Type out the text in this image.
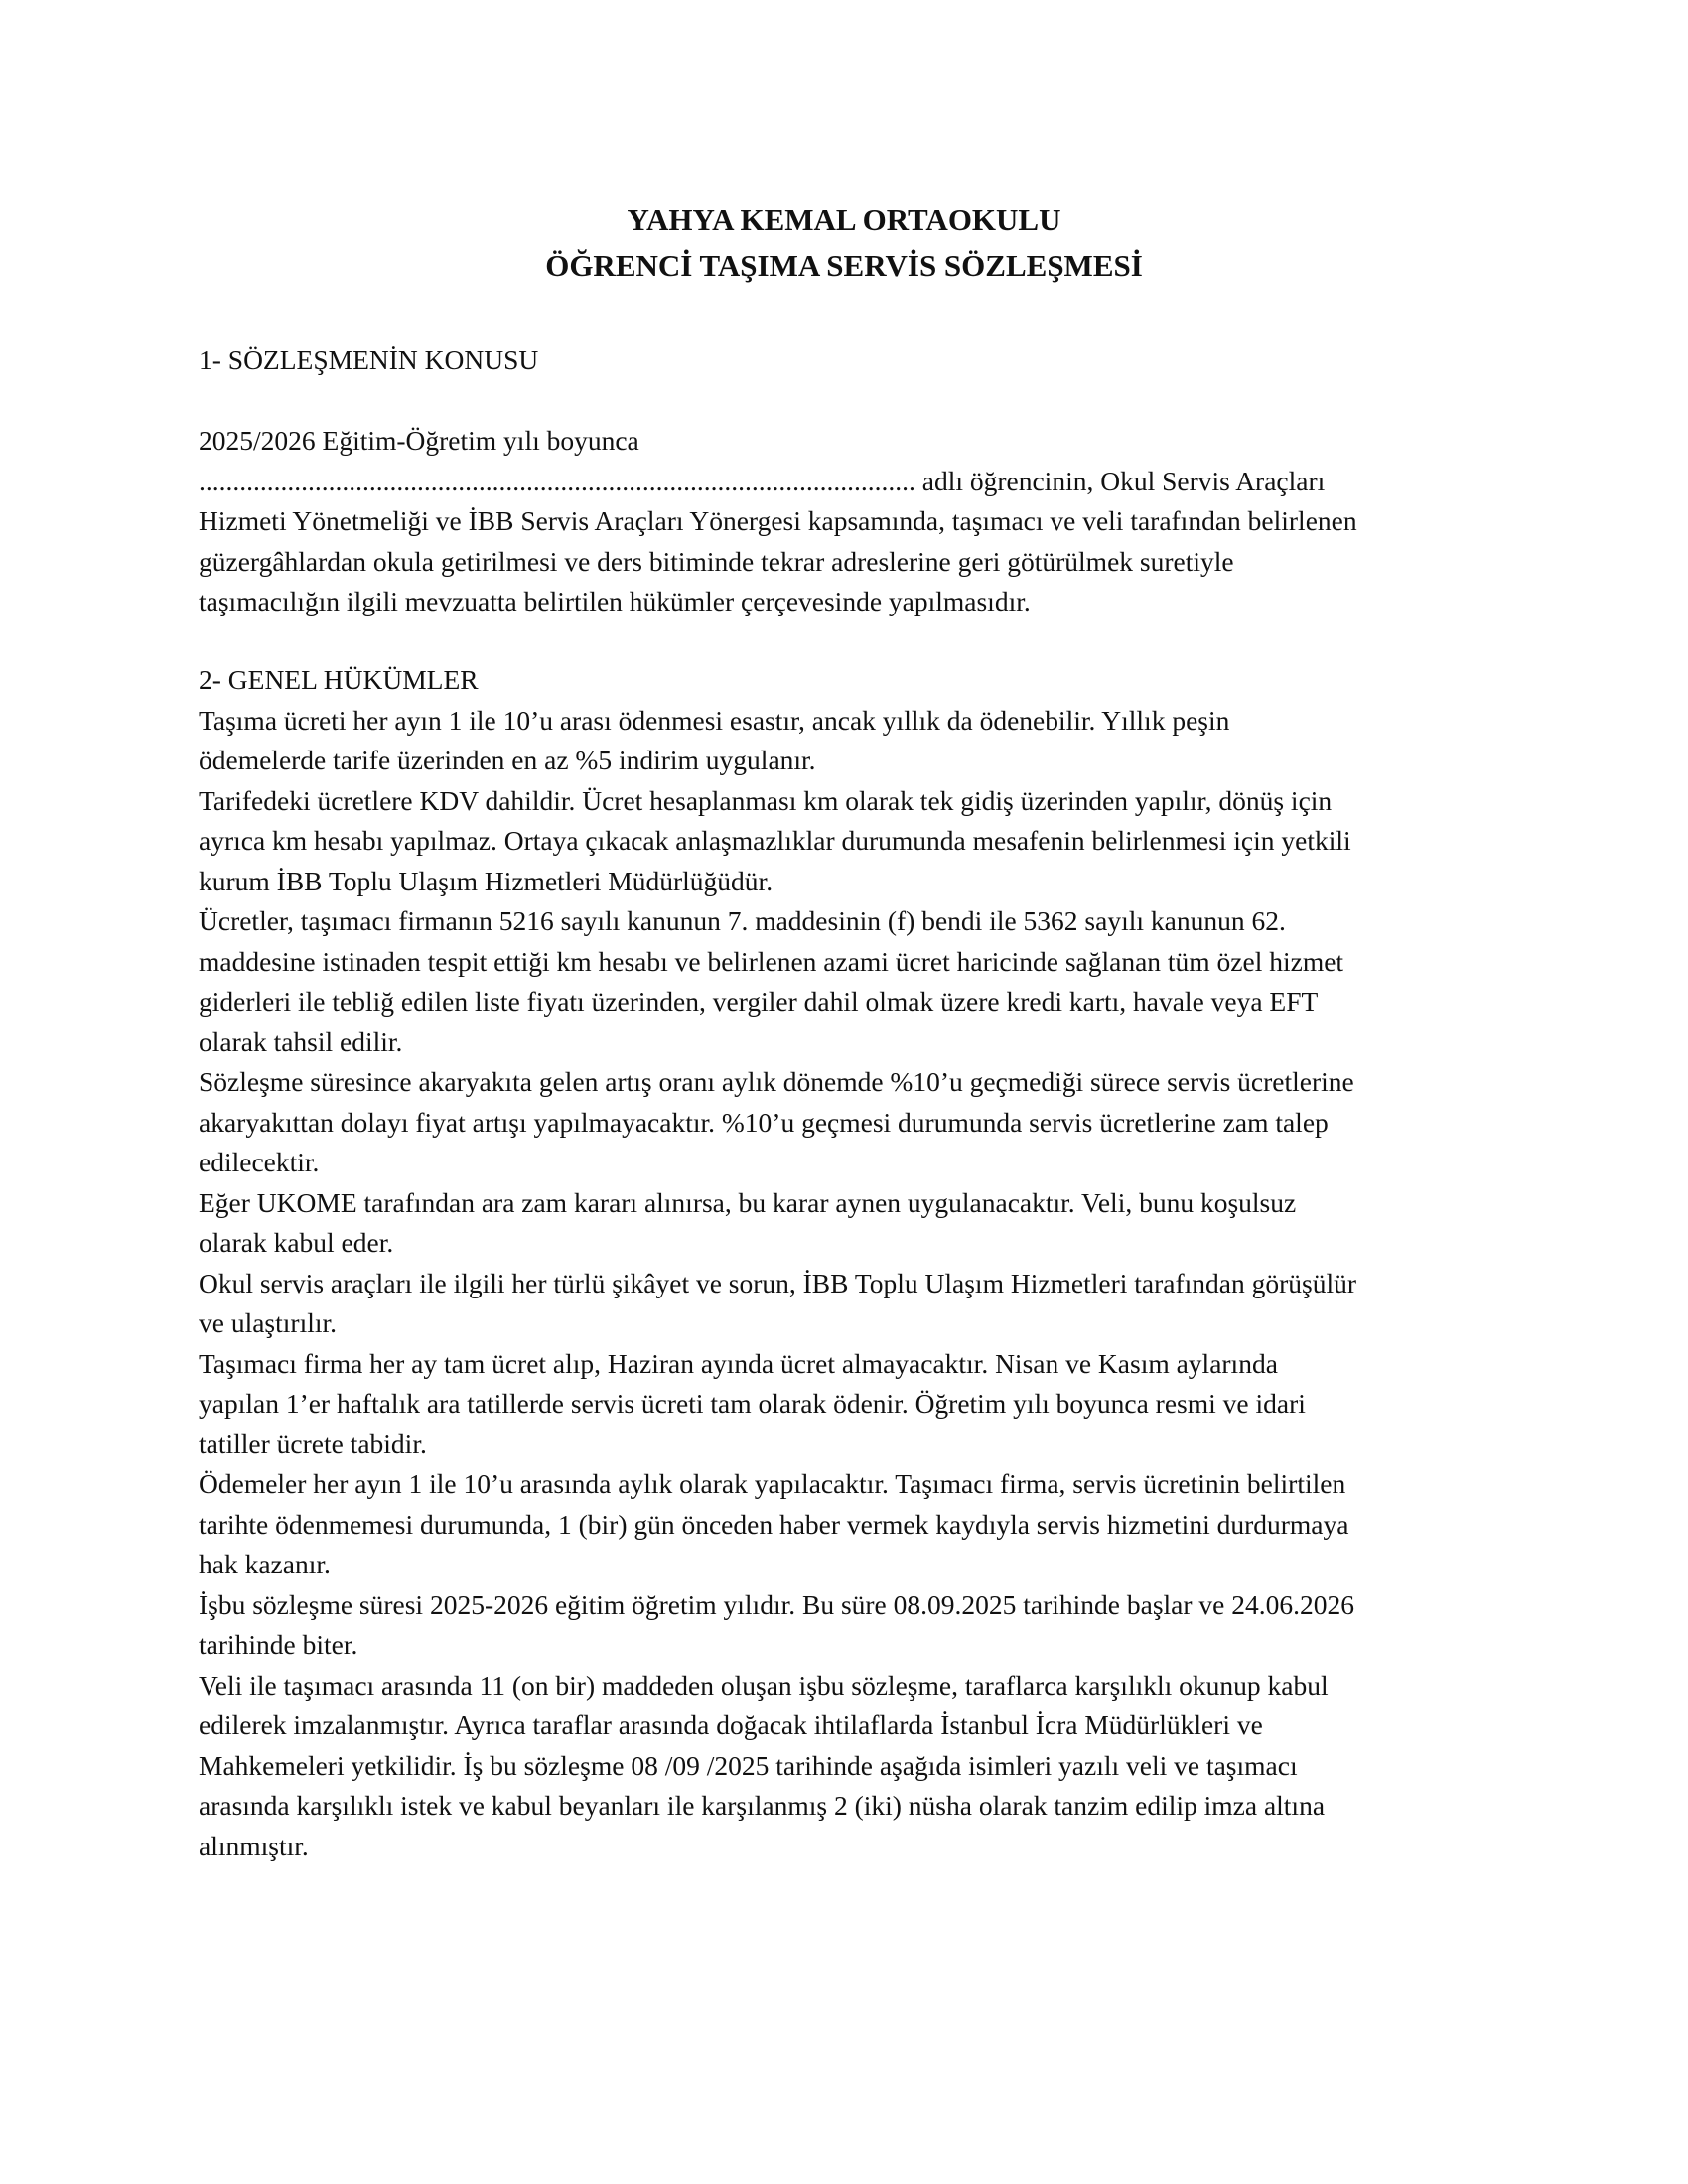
YAHYA KEMAL ORTAOKULU
ÖĞRENCİ TAŞIMA SERVİS SÖZLEŞMESİ
1- SÖZLEŞMENİN KONUSU
2025/2026 Eğitim-Öğretim yılı boyunca
......................................................................................................... adlı öğrencinin, Okul Servis Araçları
Hizmeti Yönetmeliği ve İBB Servis Araçları Yönergesi kapsamında, taşımacı ve veli tarafından belirlenen
güzergâhlardan okula getirilmesi ve ders bitiminde tekrar adreslerine geri götürülmek suretiyle
taşımacılığın ilgili mevzuatta belirtilen hükümler çerçevesinde yapılmasıdır.
2- GENEL HÜKÜMLER
Taşıma ücreti her ayın 1 ile 10’u arası ödenmesi esastır, ancak yıllık da ödenebilir. Yıllık peşin
ödemelerde tarife üzerinden en az %5 indirim uygulanır.
Tarifedeki ücretlere KDV dahildir. Ücret hesaplanması km olarak tek gidiş üzerinden yapılır, dönüş için
ayrıca km hesabı yapılmaz. Ortaya çıkacak anlaşmazlıklar durumunda mesafenin belirlenmesi için yetkili
kurum İBB Toplu Ulaşım Hizmetleri Müdürlüğüdür.
Ücretler, taşımacı firmanın 5216 sayılı kanunun 7. maddesinin (f) bendi ile 5362 sayılı kanunun 62.
maddesine istinaden tespit ettiği km hesabı ve belirlenen azami ücret haricinde sağlanan tüm özel hizmet
giderleri ile tebliğ edilen liste fiyatı üzerinden, vergiler dahil olmak üzere kredi kartı, havale veya EFT
olarak tahsil edilir.
Sözleşme süresince akaryakıta gelen artış oranı aylık dönemde %10’u geçmediği sürece servis ücretlerine
akaryakıttan dolayı fiyat artışı yapılmayacaktır. %10’u geçmesi durumunda servis ücretlerine zam talep
edilecektir.
Eğer UKOME tarafından ara zam kararı alınırsa, bu karar aynen uygulanacaktır. Veli, bunu koşulsuz
olarak kabul eder.
Okul servis araçları ile ilgili her türlü şikâyet ve sorun, İBB Toplu Ulaşım Hizmetleri tarafından görüşülür
ve ulaştırılır.
Taşımacı firma her ay tam ücret alıp, Haziran ayında ücret almayacaktır. Nisan ve Kasım aylarında
yapılan 1’er haftalık ara tatillerde servis ücreti tam olarak ödenir. Öğretim yılı boyunca resmi ve idari
tatiller ücrete tabidir.
Ödemeler her ayın 1 ile 10’u arasında aylık olarak yapılacaktır. Taşımacı firma, servis ücretinin belirtilen
tarihte ödenmemesi durumunda, 1 (bir) gün önceden haber vermek kaydıyla servis hizmetini durdurmaya
hak kazanır.
İşbu sözleşme süresi 2025-2026 eğitim öğretim yılıdır. Bu süre 08.09.2025 tarihinde başlar ve 24.06.2026
tarihinde biter.
Veli ile taşımacı arasında 11 (on bir) maddeden oluşan işbu sözleşme, taraflarca karşılıklı okunup kabul
edilerek imzalanmıştır. Ayrıca taraflar arasında doğacak ihtilaflarda İstanbul İcra Müdürlükleri ve
Mahkemeleri yetkilidir. İş bu sözleşme 08 /09 /2025 tarihinde aşağıda isimleri yazılı veli ve taşımacı
arasında karşılıklı istek ve kabul beyanları ile karşılanmış 2 (iki) nüsha olarak tanzim edilip imza altına
alınmıştır.
